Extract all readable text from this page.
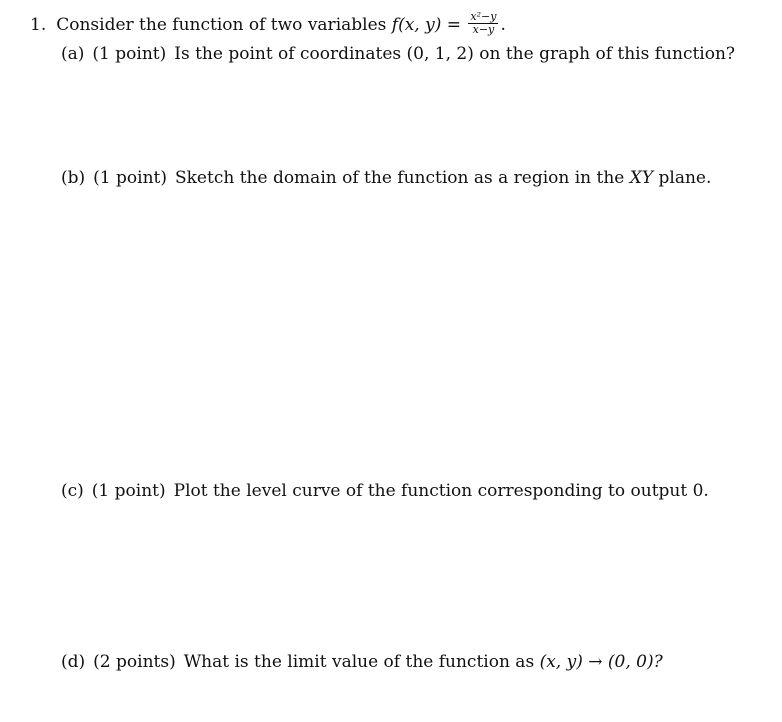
1. Consider the function of two variables f(x, $y) = \frac{\text{x²−y}}{x-y}$ .
(a) (1 point) Is the point of coordinates (0, 1, 2) on the graph of this function?
(b) (1 point) Sketch the domain of the function as a region in the XY plane.
(c) (1 point) Plot the level curve of the function corresponding to output 0.
(d) (2 points) What is the limit value of the function as (x, y) → (0, 0)?
